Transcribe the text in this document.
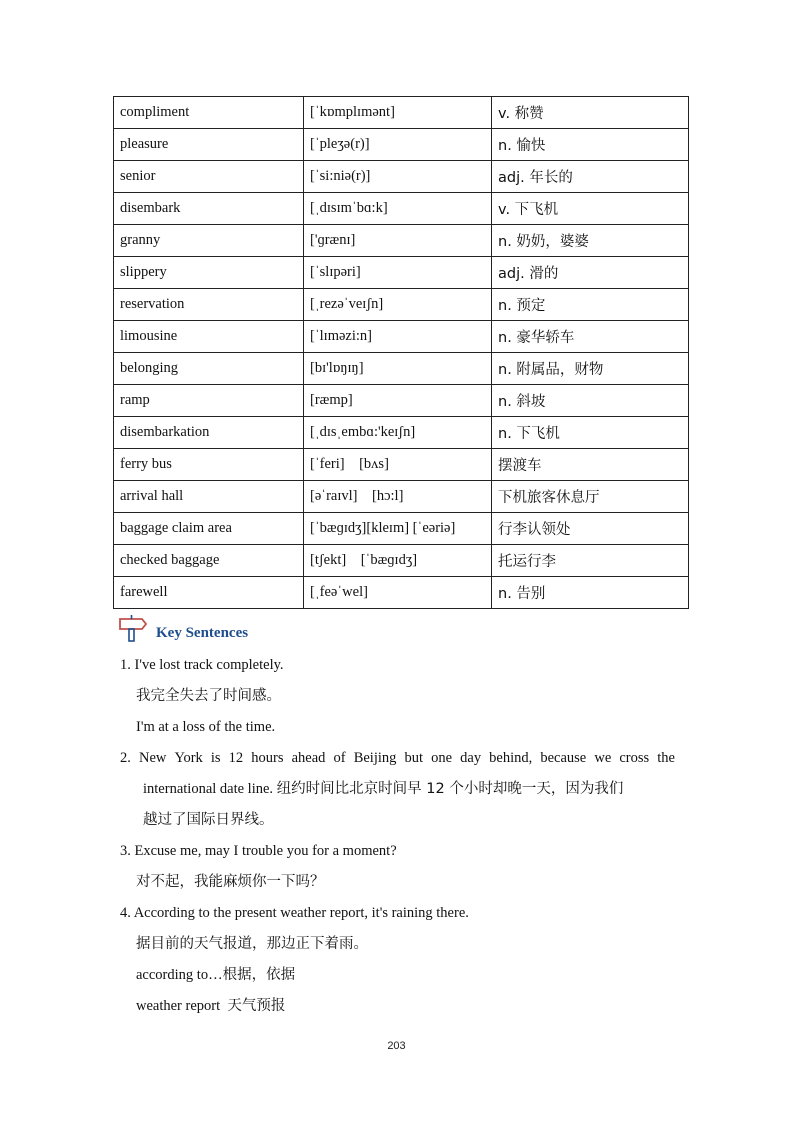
compliment	[ˈkɒmplɪmənt]	v. 称赞
pleasure	[ˈpleʒə(r)]	n. 愉快
senior	[ˈsi:niə(r)]	adj. 年长的
disembark	[ˌdɪsɪmˈbɑ:k]	v. 下飞机
granny	['ɡrænɪ]	n. 奶奶，婆婆
slippery	[ˈslɪpəri]	adj. 滑的
reservation	[ˌrezəˈveɪʃn]	n. 预定
limousine	[ˈlɪməzi:n]	n. 豪华轿车
belonging	[bɪ'lɒŋɪŋ]	n. 附属品，财物
ramp	[ræmp]	n. 斜坡
disembarkation	[ˌdɪsˌembɑ:'keɪʃn]	n. 下飞机
ferry bus	[ˈferi]    [bʌs]	摆渡车
arrival hall	[əˈraɪvl]    [hɔ:l]	下机旅客休息厅
baggage claim area	[ˈbæɡɪdʒ][kleɪm] [ˈeəriə]	行李认领处
checked baggage	[tʃekt]    [ˈbæɡɪdʒ]	托运行李
farewell	[ˌfeəˈwel]	n. 告别
Key Sentences
1. I've lost track completely.
我完全失去了时间感。
I'm at a loss of the time.
2. New York is 12 hours ahead of Beijing but one day behind, because we cross the
international date line. 纽约时间比北京时间早 12 个小时却晚一天，因为我们
越过了国际日界线。
3. Excuse me, may I trouble you for a moment?
对不起，我能麻烦你一下吗？
4. According to the present weather report, it's raining there.
据目前的天气报道，那边正下着雨。
according to…根据，依据
weather report  天气预报
203
